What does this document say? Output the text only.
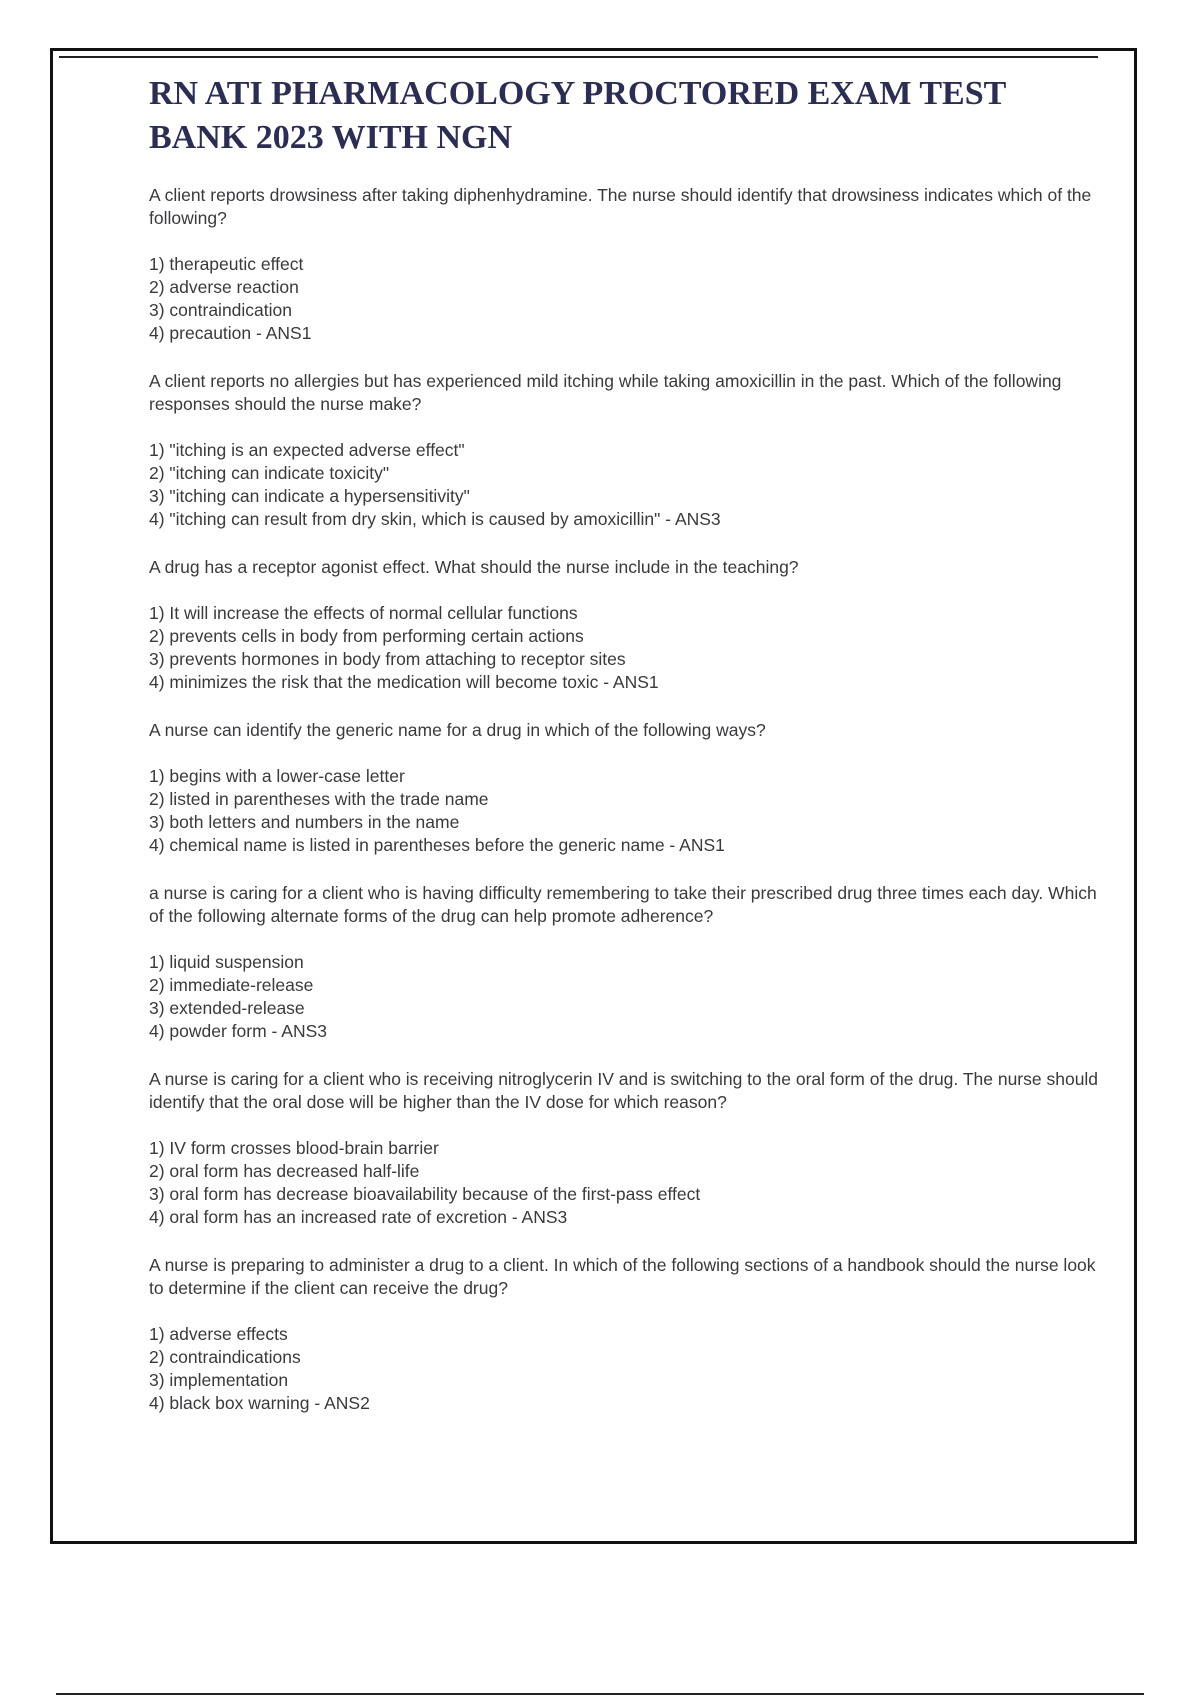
RN ATI PHARMACOLOGY PROCTORED EXAM TEST BANK 2023 WITH NGN

A client reports drowsiness after taking diphenhydramine. The nurse should identify that drowsiness indicates which of the following?

1) therapeutic effect
2) adverse reaction
3) contraindication
4) precaution - ANS1

A client reports no allergies but has experienced mild itching while taking amoxicillin in the past. Which of the following responses should the nurse make?

1) "itching is an expected adverse effect"
2) "itching can indicate toxicity"
3) "itching can indicate a hypersensitivity"
4) "itching can result from dry skin, which is caused by amoxicillin" - ANS3

A drug has a receptor agonist effect. What should the nurse include in the teaching?

1) It will increase the effects of normal cellular functions
2) prevents cells in body from performing certain actions
3) prevents hormones in body from attaching to receptor sites
4) minimizes the risk that the medication will become toxic - ANS1

A nurse can identify the generic name for a drug in which of the following ways?

1) begins with a lower-case letter
2) listed in parentheses with the trade name
3) both letters and numbers in the name
4) chemical name is listed in parentheses before the generic name - ANS1

a nurse is caring for a client who is having difficulty remembering to take their prescribed drug three times each day. Which of the following alternate forms of the drug can help promote adherence?

1) liquid suspension
2) immediate-release
3) extended-release
4) powder form - ANS3

A nurse is caring for a client who is receiving nitroglycerin IV and is switching to the oral form of the drug. The nurse should identify that the oral dose will be higher than the IV dose for which reason?

1) IV form crosses blood-brain barrier
2) oral form has decreased half-life
3) oral form has decrease bioavailability because of the first-pass effect
4) oral form has an increased rate of excretion - ANS3

A nurse is preparing to administer a drug to a client. In which of the following sections of a handbook should the nurse look to determine if the client can receive the drug?

1) adverse effects
2) contraindications
3) implementation
4) black box warning - ANS2
